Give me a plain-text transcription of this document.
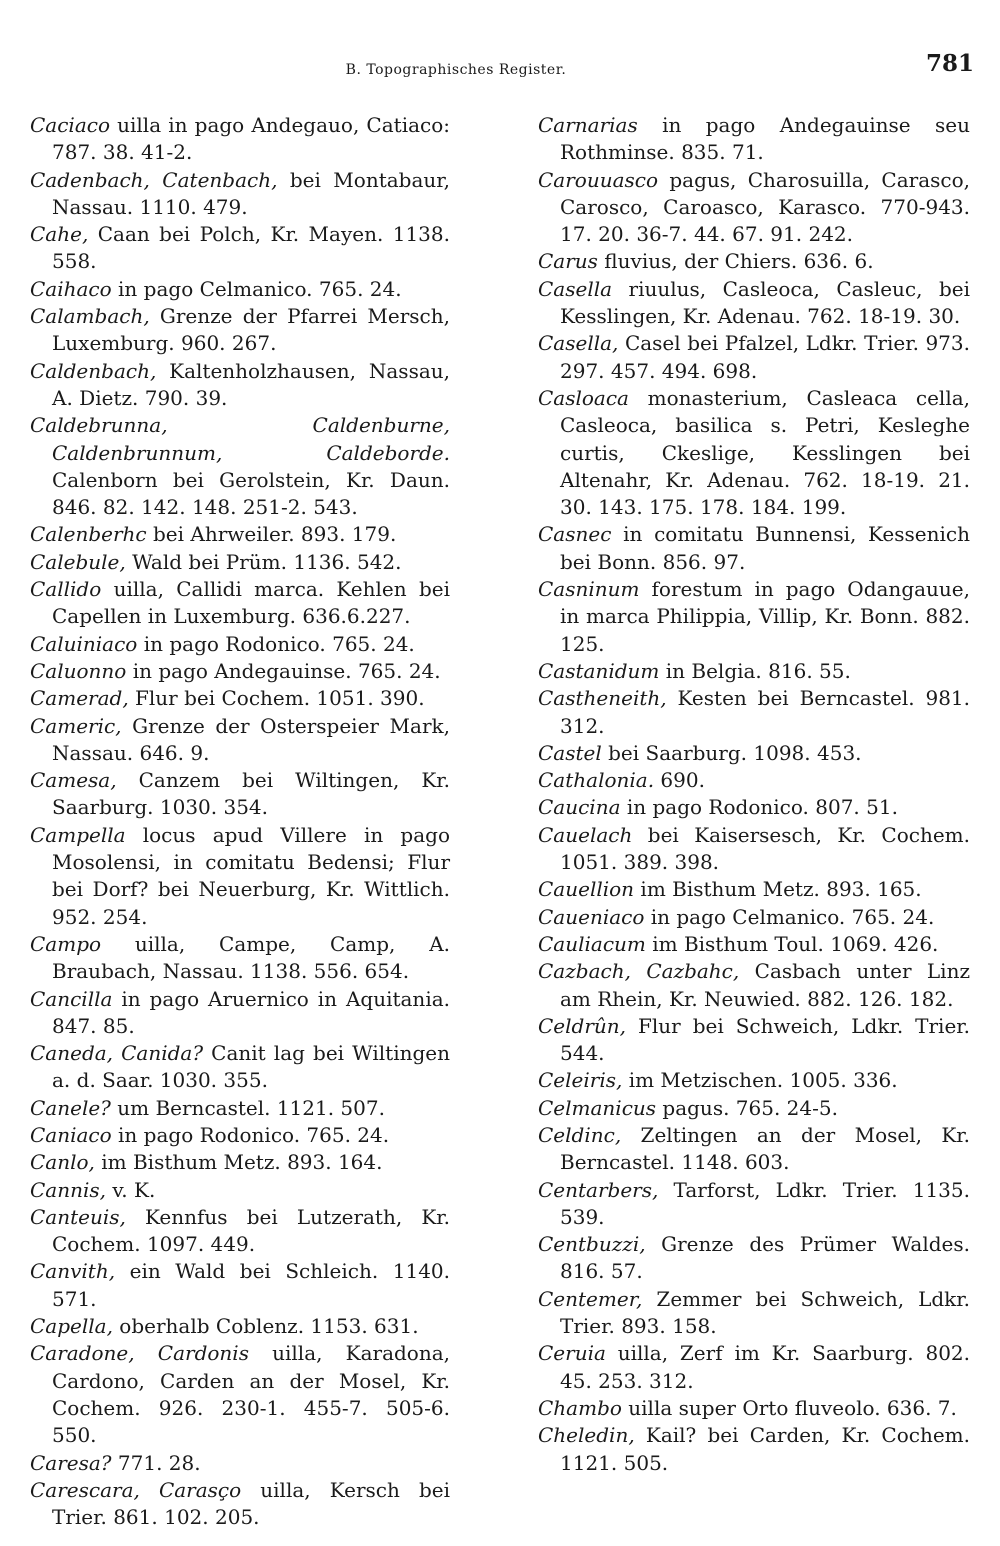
B. Topographisches Register.	781

Caciaco uilla in pago Andegauo, Catiaco: 787. 38. 41-2.

Cadenbach, Catenbach, bei Montabaur, Nassau. 1110. 479.

Cahe, Caan bei Polch, Kr. Mayen. 1138. 558.

Caihaco in pago Celmanico. 765. 24.

Calambach, Grenze der Pfarrei Mersch, Luxemburg. 960. 267.

Caldenbach, Kaltenholzhausen, Nassau, A. Dietz. 790. 39.

Caldebrunna, Caldenburne, Caldenbrunnum, Caldeborde. Calenborn bei Gerolstein, Kr. Daun. 846. 82. 142. 148. 251-2. 543.

Calenberhc bei Ahrweiler. 893. 179.

Calebule, Wald bei Prüm. 1136. 542.

Callido uilla, Callidi marca. Kehlen bei Capellen in Luxemburg. 636.6.227.

Caluiniaco in pago Rodonico. 765. 24.

Caluonno in pago Andegauinse. 765. 24.

Camerad, Flur bei Cochem. 1051. 390.

Cameric, Grenze der Osterspeier Mark, Nassau. 646. 9.

Camesa, Canzem bei Wiltingen, Kr. Saarburg. 1030. 354.

Campella locus apud Villere in pago Mosolensi, in comitatu Bedensi; Flur bei Dorf? bei Neuerburg, Kr. Wittlich. 952. 254.

Campo uilla, Campe, Camp, A. Braubach, Nassau. 1138. 556. 654.

Cancilla in pago Aruernico in Aquitania. 847. 85.

Caneda, Canida? Canit lag bei Wiltingen a. d. Saar. 1030. 355.

Canele? um Berncastel. 1121. 507.

Caniaco in pago Rodonico. 765. 24.

Canlo, im Bisthum Metz. 893. 164.

Cannis, v. K.

Canteuis, Kennfus bei Lutzerath, Kr. Cochem. 1097. 449.

Canvith, ein Wald bei Schleich. 1140. 571.

Capella, oberhalb Coblenz. 1153. 631.

Caradone, Cardonis uilla, Karadona, Cardono, Carden an der Mosel, Kr. Cochem. 926. 230-1. 455-7. 505-6. 550.

Caresa? 771. 28.

Carescara, Carasço uilla, Kersch bei Trier. 861. 102. 205.

Carnarias in pago Andegauinse seu Rothminse. 835. 71.

Carouuasco pagus, Charosuilla, Carasco, Carosco, Caroasco, Karasco. 770-943. 17. 20. 36-7. 44. 67. 91. 242.

Carus fluvius, der Chiers. 636. 6.

Casella riuulus, Casleoca, Casleuc, bei Kesslingen, Kr. Adenau. 762. 18-19. 30.

Casella, Casel bei Pfalzel, Ldkr. Trier. 973. 297. 457. 494. 698.

Casloaca monasterium, Casleaca cella, Casleoca, basilica s. Petri, Kesleghe curtis, Ckeslige, Kesslingen bei Altenahr, Kr. Adenau. 762. 18-19. 21. 30. 143. 175. 178. 184. 199.

Casnec in comitatu Bunnensi, Kessenich bei Bonn. 856. 97.

Casninum forestum in pago Odangauue, in marca Philippia, Villip, Kr. Bonn. 882. 125.

Castanidum in Belgia. 816. 55.

Castheneith, Kesten bei Berncastel. 981. 312.

Castel bei Saarburg. 1098. 453.

Cathalonia. 690.

Caucina in pago Rodonico. 807. 51.

Cauelach bei Kaisersesch, Kr. Cochem. 1051. 389. 398.

Cauellion im Bisthum Metz. 893. 165.

Caueniaco in pago Celmanico. 765. 24.

Cauliacum im Bisthum Toul. 1069. 426.

Cazbach, Cazbahc, Casbach unter Linz am Rhein, Kr. Neuwied. 882. 126. 182.

Celdrûn, Flur bei Schweich, Ldkr. Trier. 544.

Celeiris, im Metzischen. 1005. 336.

Celmanicus pagus. 765. 24-5.

Celdinc, Zeltingen an der Mosel, Kr. Berncastel. 1148. 603.

Centarbers, Tarforst, Ldkr. Trier. 1135. 539.

Centbuzzi, Grenze des Prümer Waldes. 816. 57.

Centemer, Zemmer bei Schweich, Ldkr. Trier. 893. 158.

Ceruia uilla, Zerf im Kr. Saarburg. 802. 45. 253. 312.

Chambo uilla super Orto fluveolo. 636. 7.

Cheledin, Kail? bei Carden, Kr. Cochem. 1121. 505.
